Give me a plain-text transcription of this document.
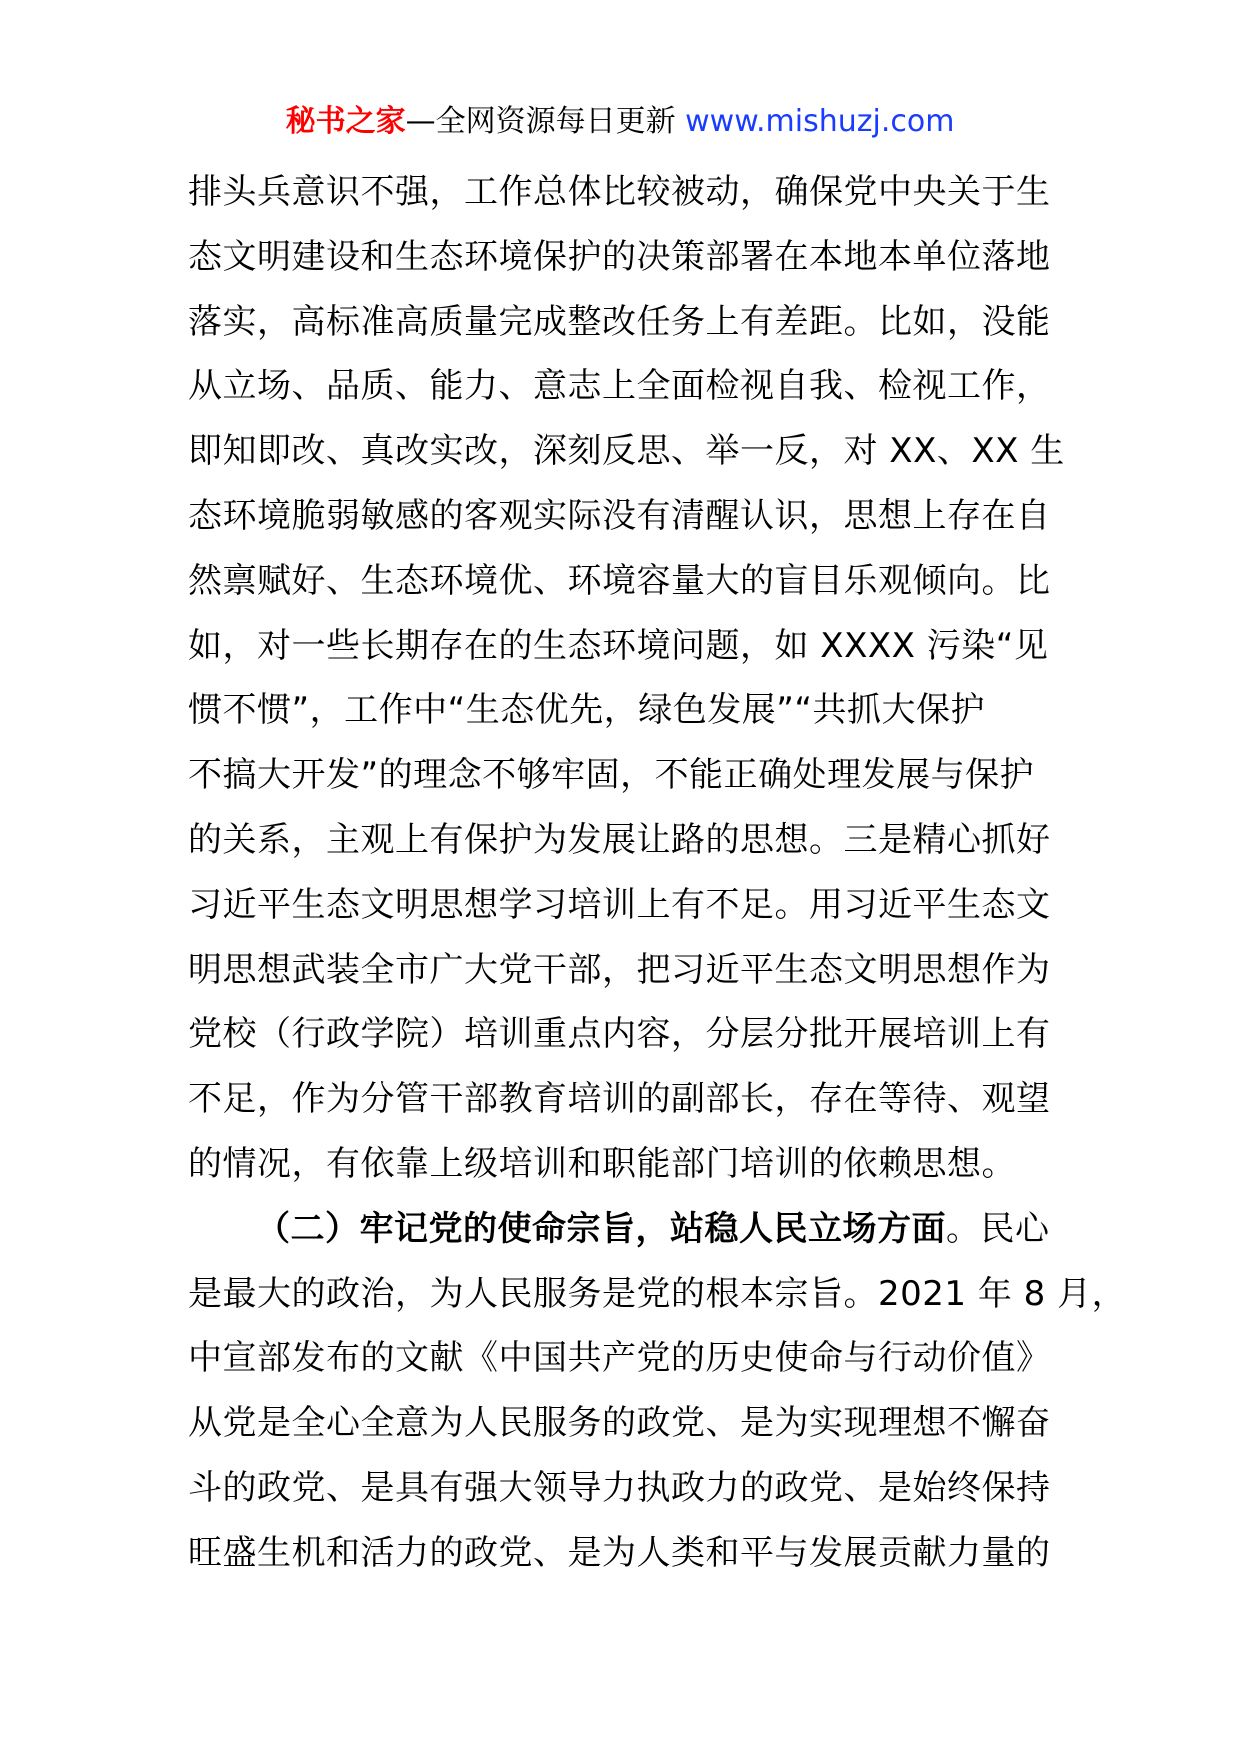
秘书之家—全网资源每日更新 www.mishuzj.com
排头兵意识不强，工作总体比较被动，确保党中央关于生
态文明建设和生态环境保护的决策部署在本地本单位落地
落实，高标准高质量完成整改任务上有差距。比如，没能
从立场、品质、能力、意志上全面检视自我、检视工作，
即知即改、真改实改，深刻反思、举一反，对 XX、XX 生
态环境脆弱敏感的客观实际没有清醒认识，思想上存在自
然禀赋好、生态环境优、环境容量大的盲目乐观倾向。比
如，对一些长期存在的生态环境问题，如 XXXX 污染“见
惯不惯”，工作中“生态优先，绿色发展”“共抓大保护
不搞大开发”的理念不够牢固，不能正确处理发展与保护
的关系，主观上有保护为发展让路的思想。三是精心抓好
习近平生态文明思想学习培训上有不足。用习近平生态文
明思想武装全市广大党干部，把习近平生态文明思想作为
党校（行政学院）培训重点内容，分层分批开展培训上有
不足，作为分管干部教育培训的副部长，存在等待、观望
的情况，有依靠上级培训和职能部门培训的依赖思想。
（二）牢记党的使命宗旨，站稳人民立场方面。民心
是最大的政治，为人民服务是党的根本宗旨。2021 年 8 月，
中宣部发布的文献《中国共产党的历史使命与行动价值》
从党是全心全意为人民服务的政党、是为实现理想不懈奋
斗的政党、是具有强大领导力执政力的政党、是始终保持
旺盛生机和活力的政党、是为人类和平与发展贡献力量的
